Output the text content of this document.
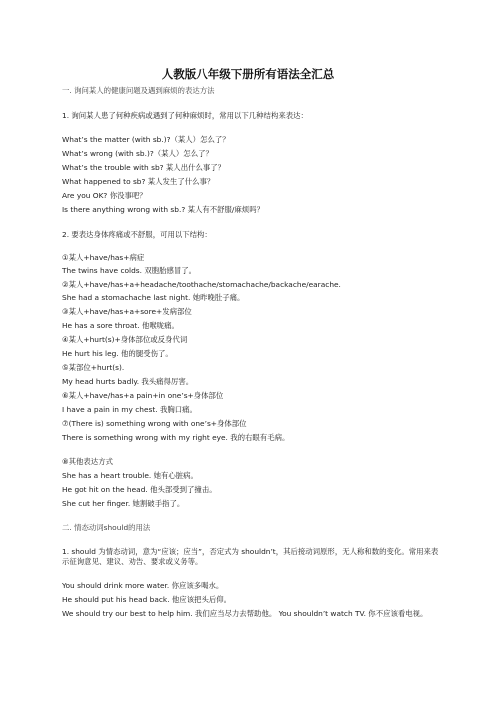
人教版八年级下册所有语法全汇总
一. 询问某人的健康问题及遇到麻烦的表达方法
1. 询问某人患了何种疾病或遇到了何种麻烦时，常用以下几种结构来表达：
What’s the matter (with sb.)?（某人）怎么了？
What’s wrong (with sb.)?（某人）怎么了？
What’s the trouble with sb? 某人出什么事了？
What happened to sb? 某人发生了什么事？
Are you OK? 你没事吧？
Is there anything wrong with sb.? 某人有不舒服/麻烦吗？
2. 要表达身体疼痛或不舒服，可用以下结构：
①某人+have/has+病症
The twins have colds. 双胞胎感冒了。
②某人+have/has+a+headache/toothache/stomachache/backache/earache.
She had a stomachache last night. 她昨晚肚子痛。
③某人+have/has+a+sore+发病部位
He has a sore throat. 他喉咙痛。
④某人+hurt(s)+身体部位或反身代词
He hurt his leg. 他的腿受伤了。
⑤某部位+hurt(s).
My head hurts badly. 我头痛得厉害。
⑥某人+have/has+a pain+in one’s+身体部位
I have a pain in my chest. 我胸口痛。
⑦(There is) something wrong with one’s+身体部位
There is something wrong with my right eye. 我的右眼有毛病。
⑧其他表达方式
She has a heart trouble. 她有心脏病。
He got hit on the head. 他头部受到了撞击。
She cut her finger. 她割破手指了。
二. 情态动词should的用法
1. should 为情态动词，意为“应该；应当”，否定式为 shouldn’t，其后接动词原形，无人称和数的变化。常用来表示征询意见、建议、劝告、要求或义务等。
You should drink more water. 你应该多喝水。
He should put his head back. 他应该把头后仰。
We should try our best to help him. 我们应当尽力去帮助他。 You shouldn’t watch TV. 你不应该看电视。
